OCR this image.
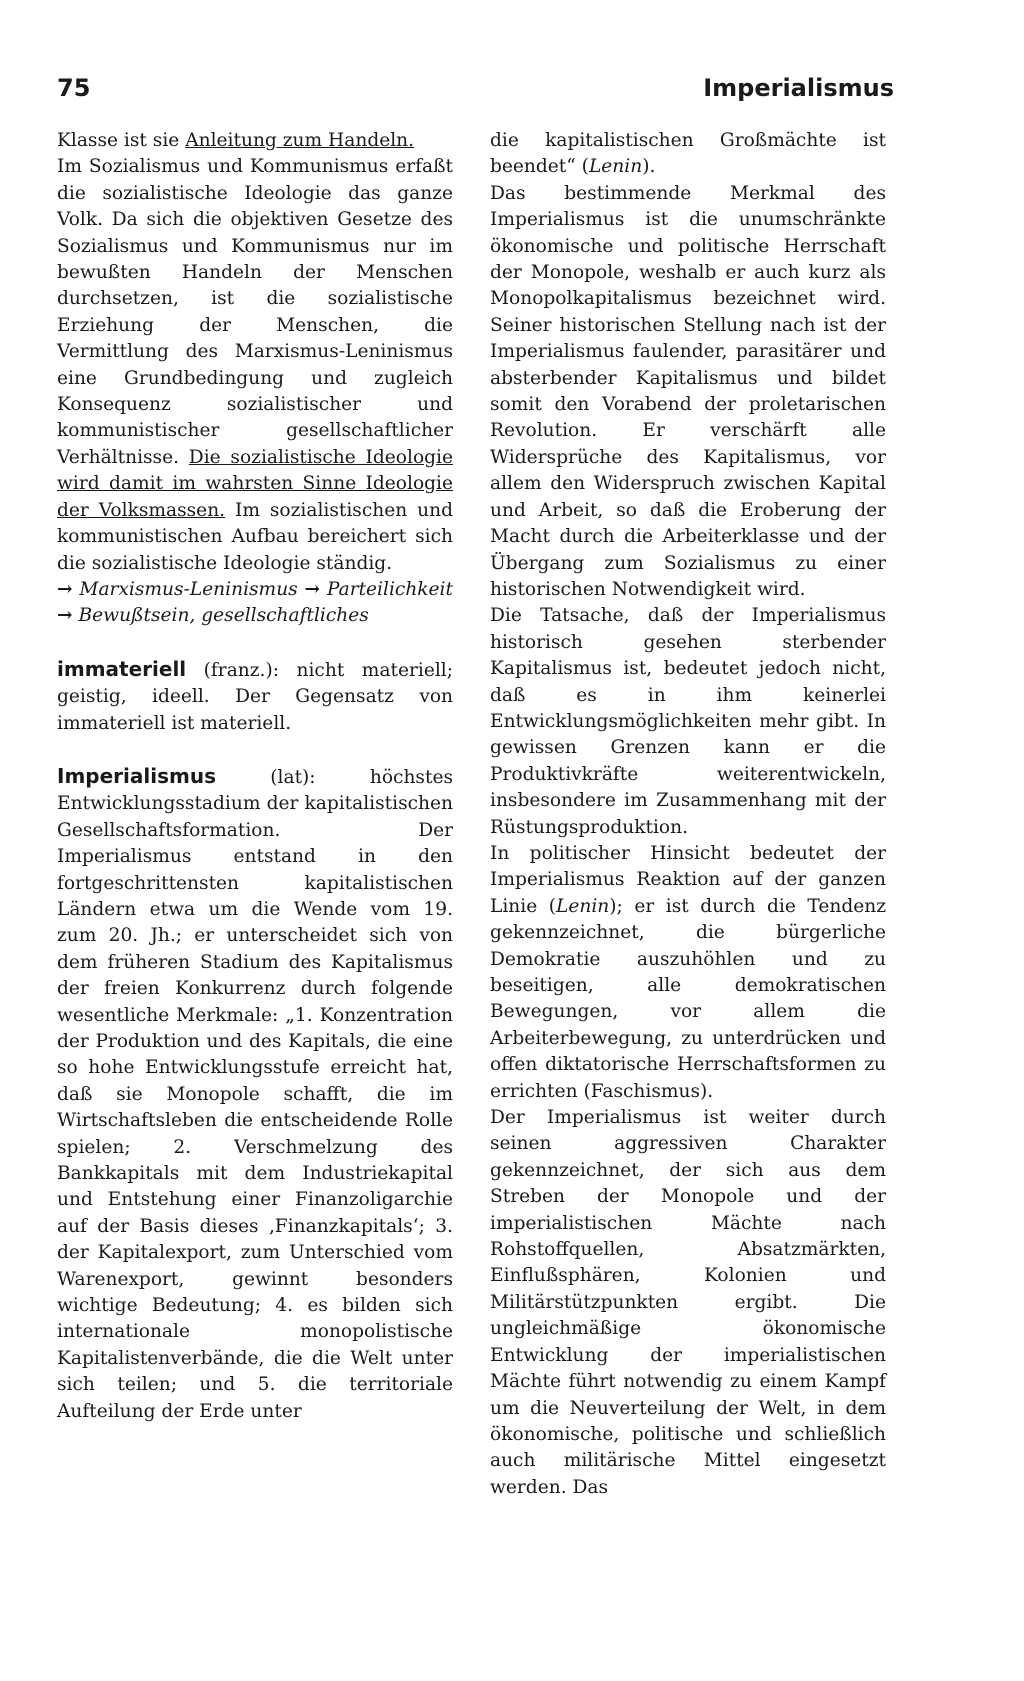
75	Imperialismus

Klasse ist sie Anleitung zum Handeln.

Im Sozialismus und Kommunismus erfaßt die sozialistische Ideologie das ganze Volk. Da sich die objektiven Gesetze des Sozialismus und Kommunismus nur im bewußten Handeln der Menschen durchsetzen, ist die sozialistische Erziehung der Menschen, die Vermittlung des Marxismus-Leninismus eine Grundbedingung und zugleich Konsequenz sozialistischer und kommunistischer gesellschaftlicher Verhältnisse. Die sozialistische Ideologie wird damit im wahrsten Sinne Ideologie der Volksmassen. Im sozialistischen und kommunistischen Aufbau bereichert sich die sozialistische Ideologie ständig.

→ Marxismus-Leninismus → Parteilichkeit → Bewußtsein, gesellschaftliches

immateriell (franz.): nicht materiell; geistig, ideell. Der Gegensatz von immateriell ist materiell.

Imperialismus (lat): höchstes Entwicklungsstadium der kapitalistischen Gesellschaftsformation. Der Imperialismus entstand in den fortgeschrittensten kapitalistischen Ländern etwa um die Wende vom 19. zum 20. Jh.; er unterscheidet sich von dem früheren Stadium des Kapitalismus der freien Konkurrenz durch folgende wesentliche Merkmale: „1. Konzentration der Produktion und des Kapitals, die eine so hohe Entwicklungsstufe erreicht hat, daß sie Monopole schafft, die im Wirtschaftsleben die entscheidende Rolle spielen; 2. Verschmelzung des Bankkapitals mit dem Industriekapital und Entstehung einer Finanzoligarchie auf der Basis dieses ‚Finanzkapitals‘; 3. der Kapitalexport, zum Unterschied vom Warenexport, gewinnt besonders wichtige Bedeutung; 4. es bilden sich internationale monopolistische Kapitalistenverbände, die die Welt unter sich teilen; und 5. die territoriale Aufteilung der Erde unter

die kapitalistischen Großmächte ist beendet“ (Lenin).

Das bestimmende Merkmal des Imperialismus ist die unumschränkte ökonomische und politische Herrschaft der Monopole, weshalb er auch kurz als Monopolkapitalismus bezeichnet wird. Seiner historischen Stellung nach ist der Imperialismus faulender, parasitärer und absterbender Kapitalismus und bildet somit den Vorabend der proletarischen Revolution. Er verschärft alle Widersprüche des Kapitalismus, vor allem den Widerspruch zwischen Kapital und Arbeit, so daß die Eroberung der Macht durch die Arbeiterklasse und der Übergang zum Sozialismus zu einer historischen Notwendigkeit wird.

Die Tatsache, daß der Imperialismus historisch gesehen sterbender Kapitalismus ist, bedeutet jedoch nicht, daß es in ihm keinerlei Entwicklungsmöglichkeiten mehr gibt. In gewissen Grenzen kann er die Produktivkräfte weiterentwickeln, insbesondere im Zusammenhang mit der Rüstungsproduktion.

In politischer Hinsicht bedeutet der Imperialismus Reaktion auf der ganzen Linie (Lenin); er ist durch die Tendenz gekennzeichnet, die bürgerliche Demokratie auszuhöhlen und zu beseitigen, alle demokratischen Bewegungen, vor allem die Arbeiterbewegung, zu unterdrücken und offen diktatorische Herrschaftsformen zu errichten (Faschismus).

Der Imperialismus ist weiter durch seinen aggressiven Charakter gekennzeichnet, der sich aus dem Streben der Monopole und der imperialistischen Mächte nach Rohstoffquellen, Absatzmärkten, Einflußsphären, Kolonien und Militärstützpunkten ergibt. Die ungleichmäßige ökonomische Entwicklung der imperialistischen Mächte führt notwendig zu einem Kampf um die Neuverteilung der Welt, in dem ökonomische, politische und schließlich auch militärische Mittel eingesetzt werden. Das
